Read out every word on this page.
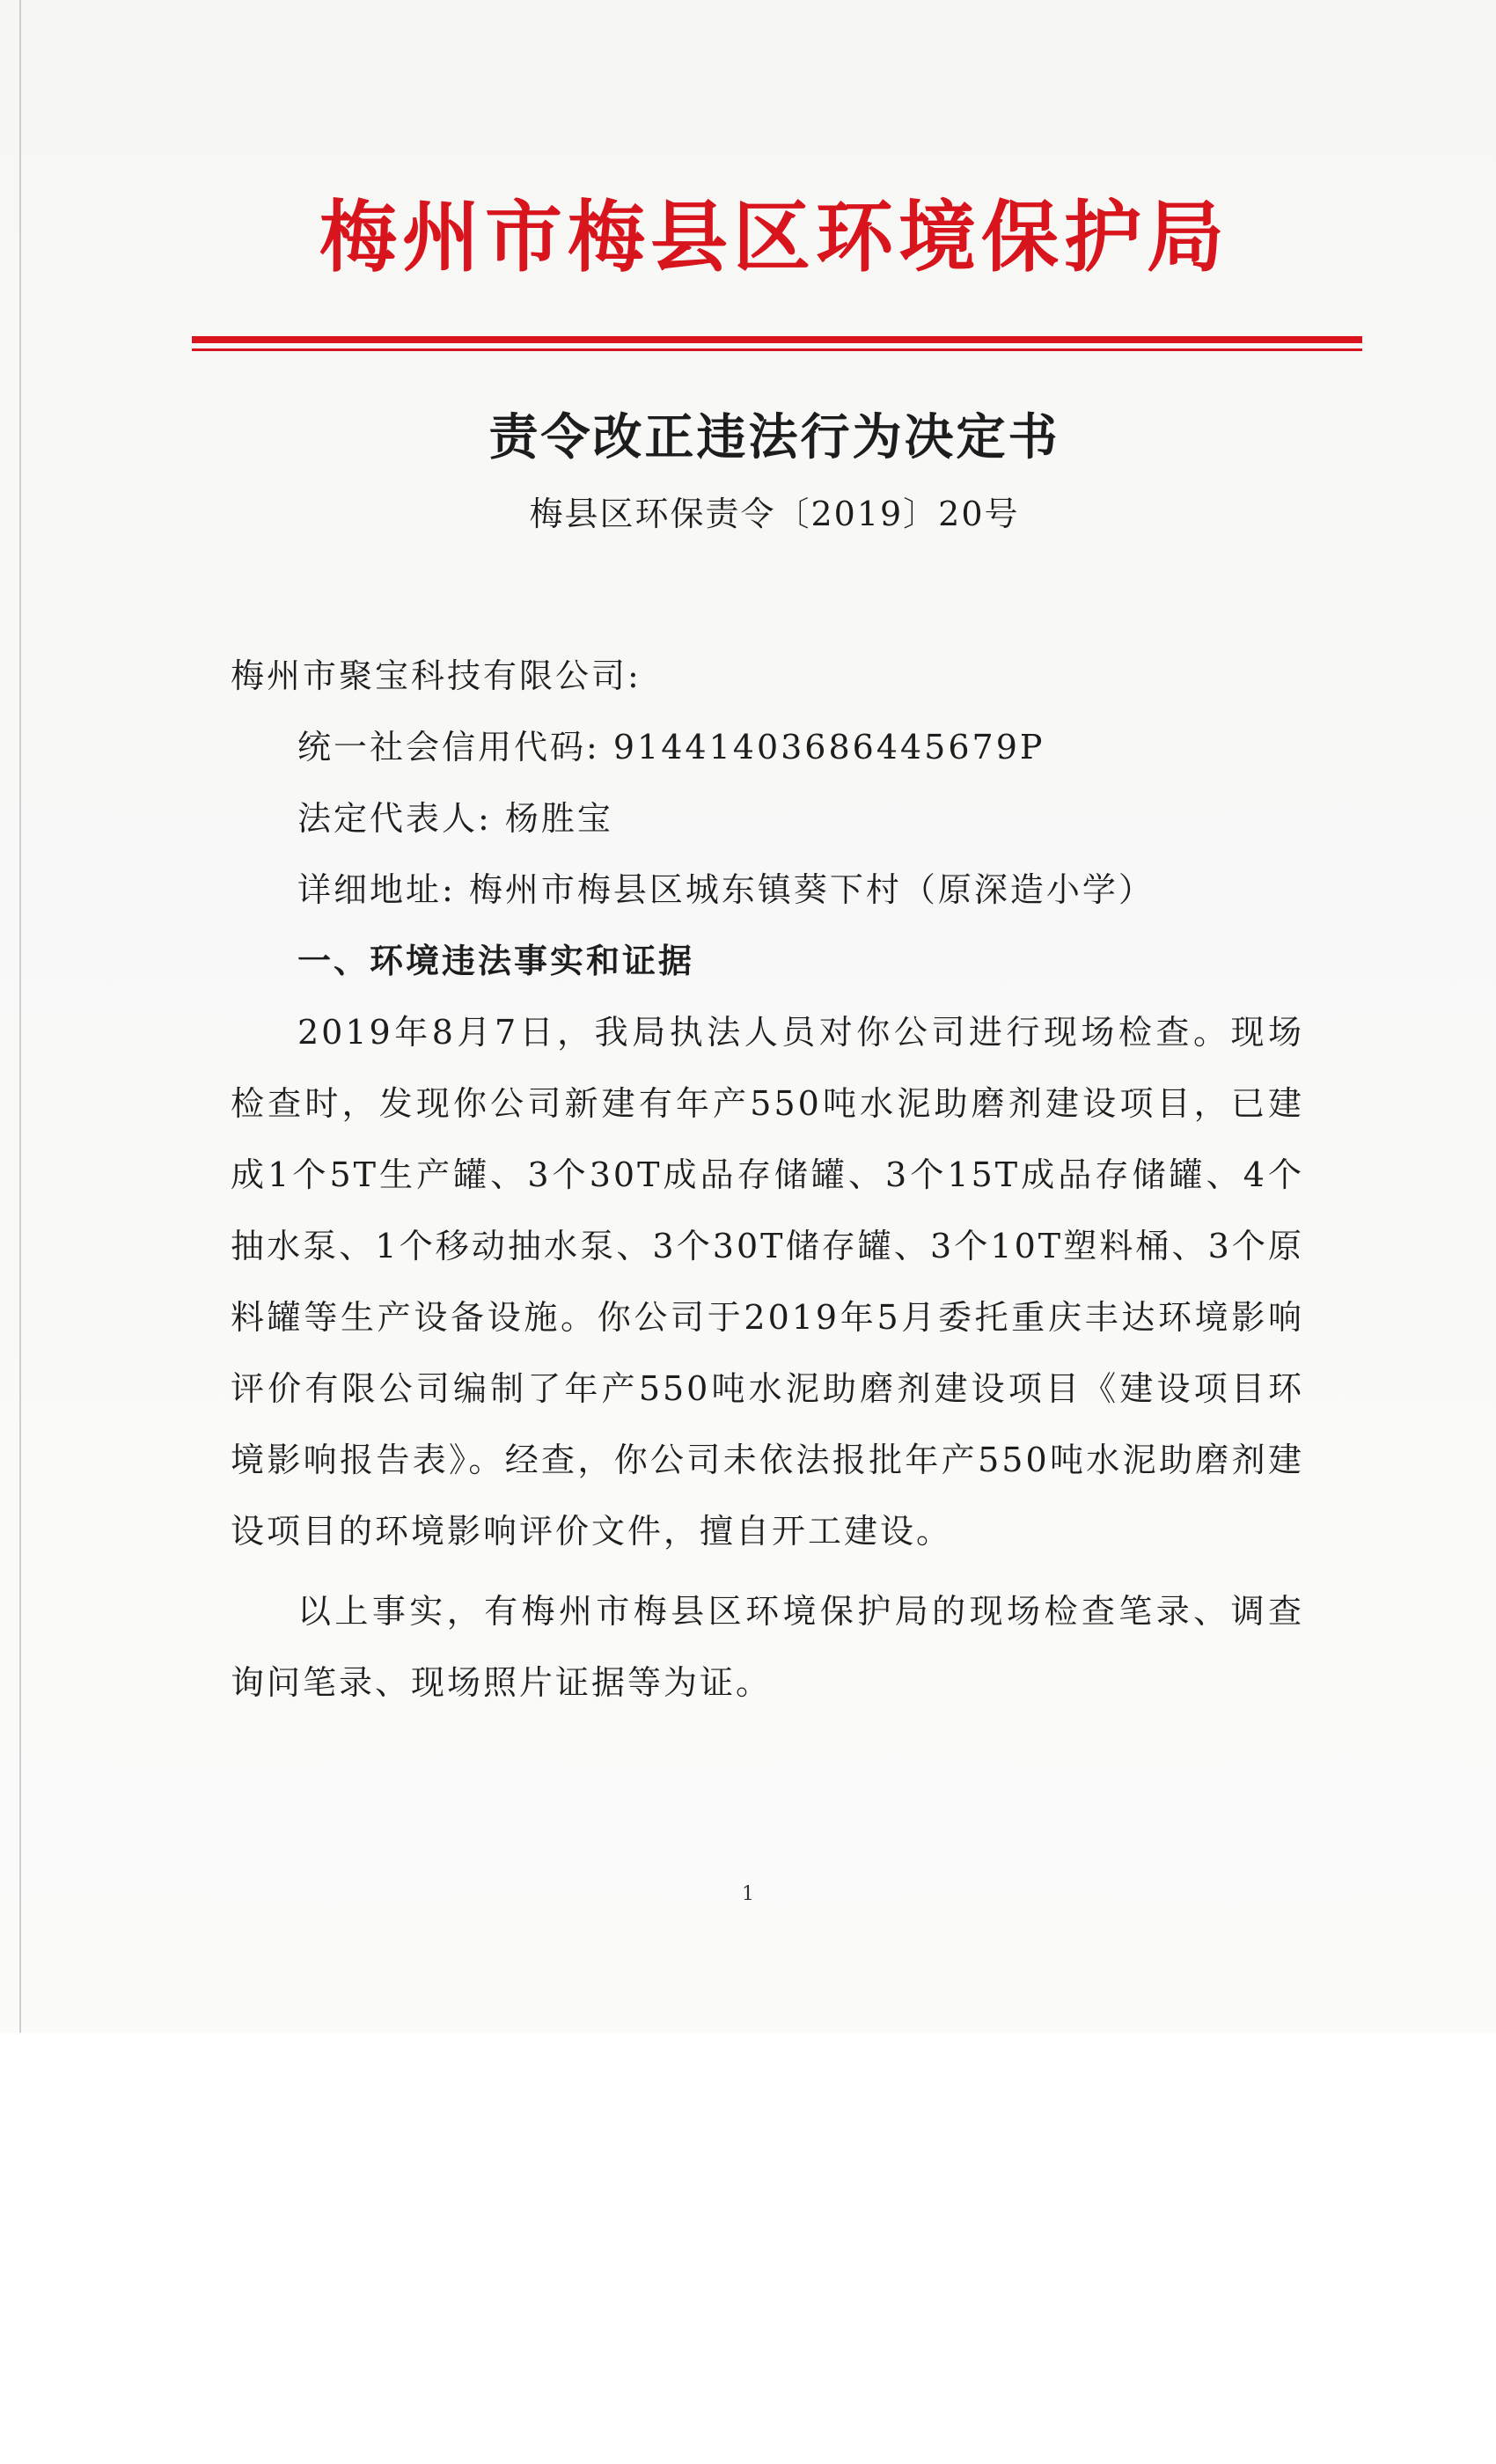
梅州市梅县区环境保护局
责令改正违法行为决定书
梅县区环保责令〔2019〕20号

梅州市聚宝科技有限公司:

统一社会信用代码: 91441403686445679P

法定代表人: 杨胜宝

详细地址: 梅州市梅县区城东镇葵下村（原深造小学）

一、环境违法事实和证据

2019年8月7日，我局执法人员对你公司进行现场检查。现场检查时，发现你公司新建有年产550吨水泥助磨剂建设项目，已建成1个5T生产罐、3个30T成品存储罐、3个15T成品存储罐、4个抽水泵、1个移动抽水泵、3个30T储存罐、3个10T塑料桶、3个原料罐等生产设备设施。你公司于2019年5月委托重庆丰达环境影响评价有限公司编制了年产550吨水泥助磨剂建设项目《建设项目环境影响报告表》。经查，你公司未依法报批年产550吨水泥助磨剂建设项目的环境影响评价文件，擅自开工建设。

以上事实，有梅州市梅县区环境保护局的现场检查笔录、调查询问笔录、现场照片证据等为证。

1
